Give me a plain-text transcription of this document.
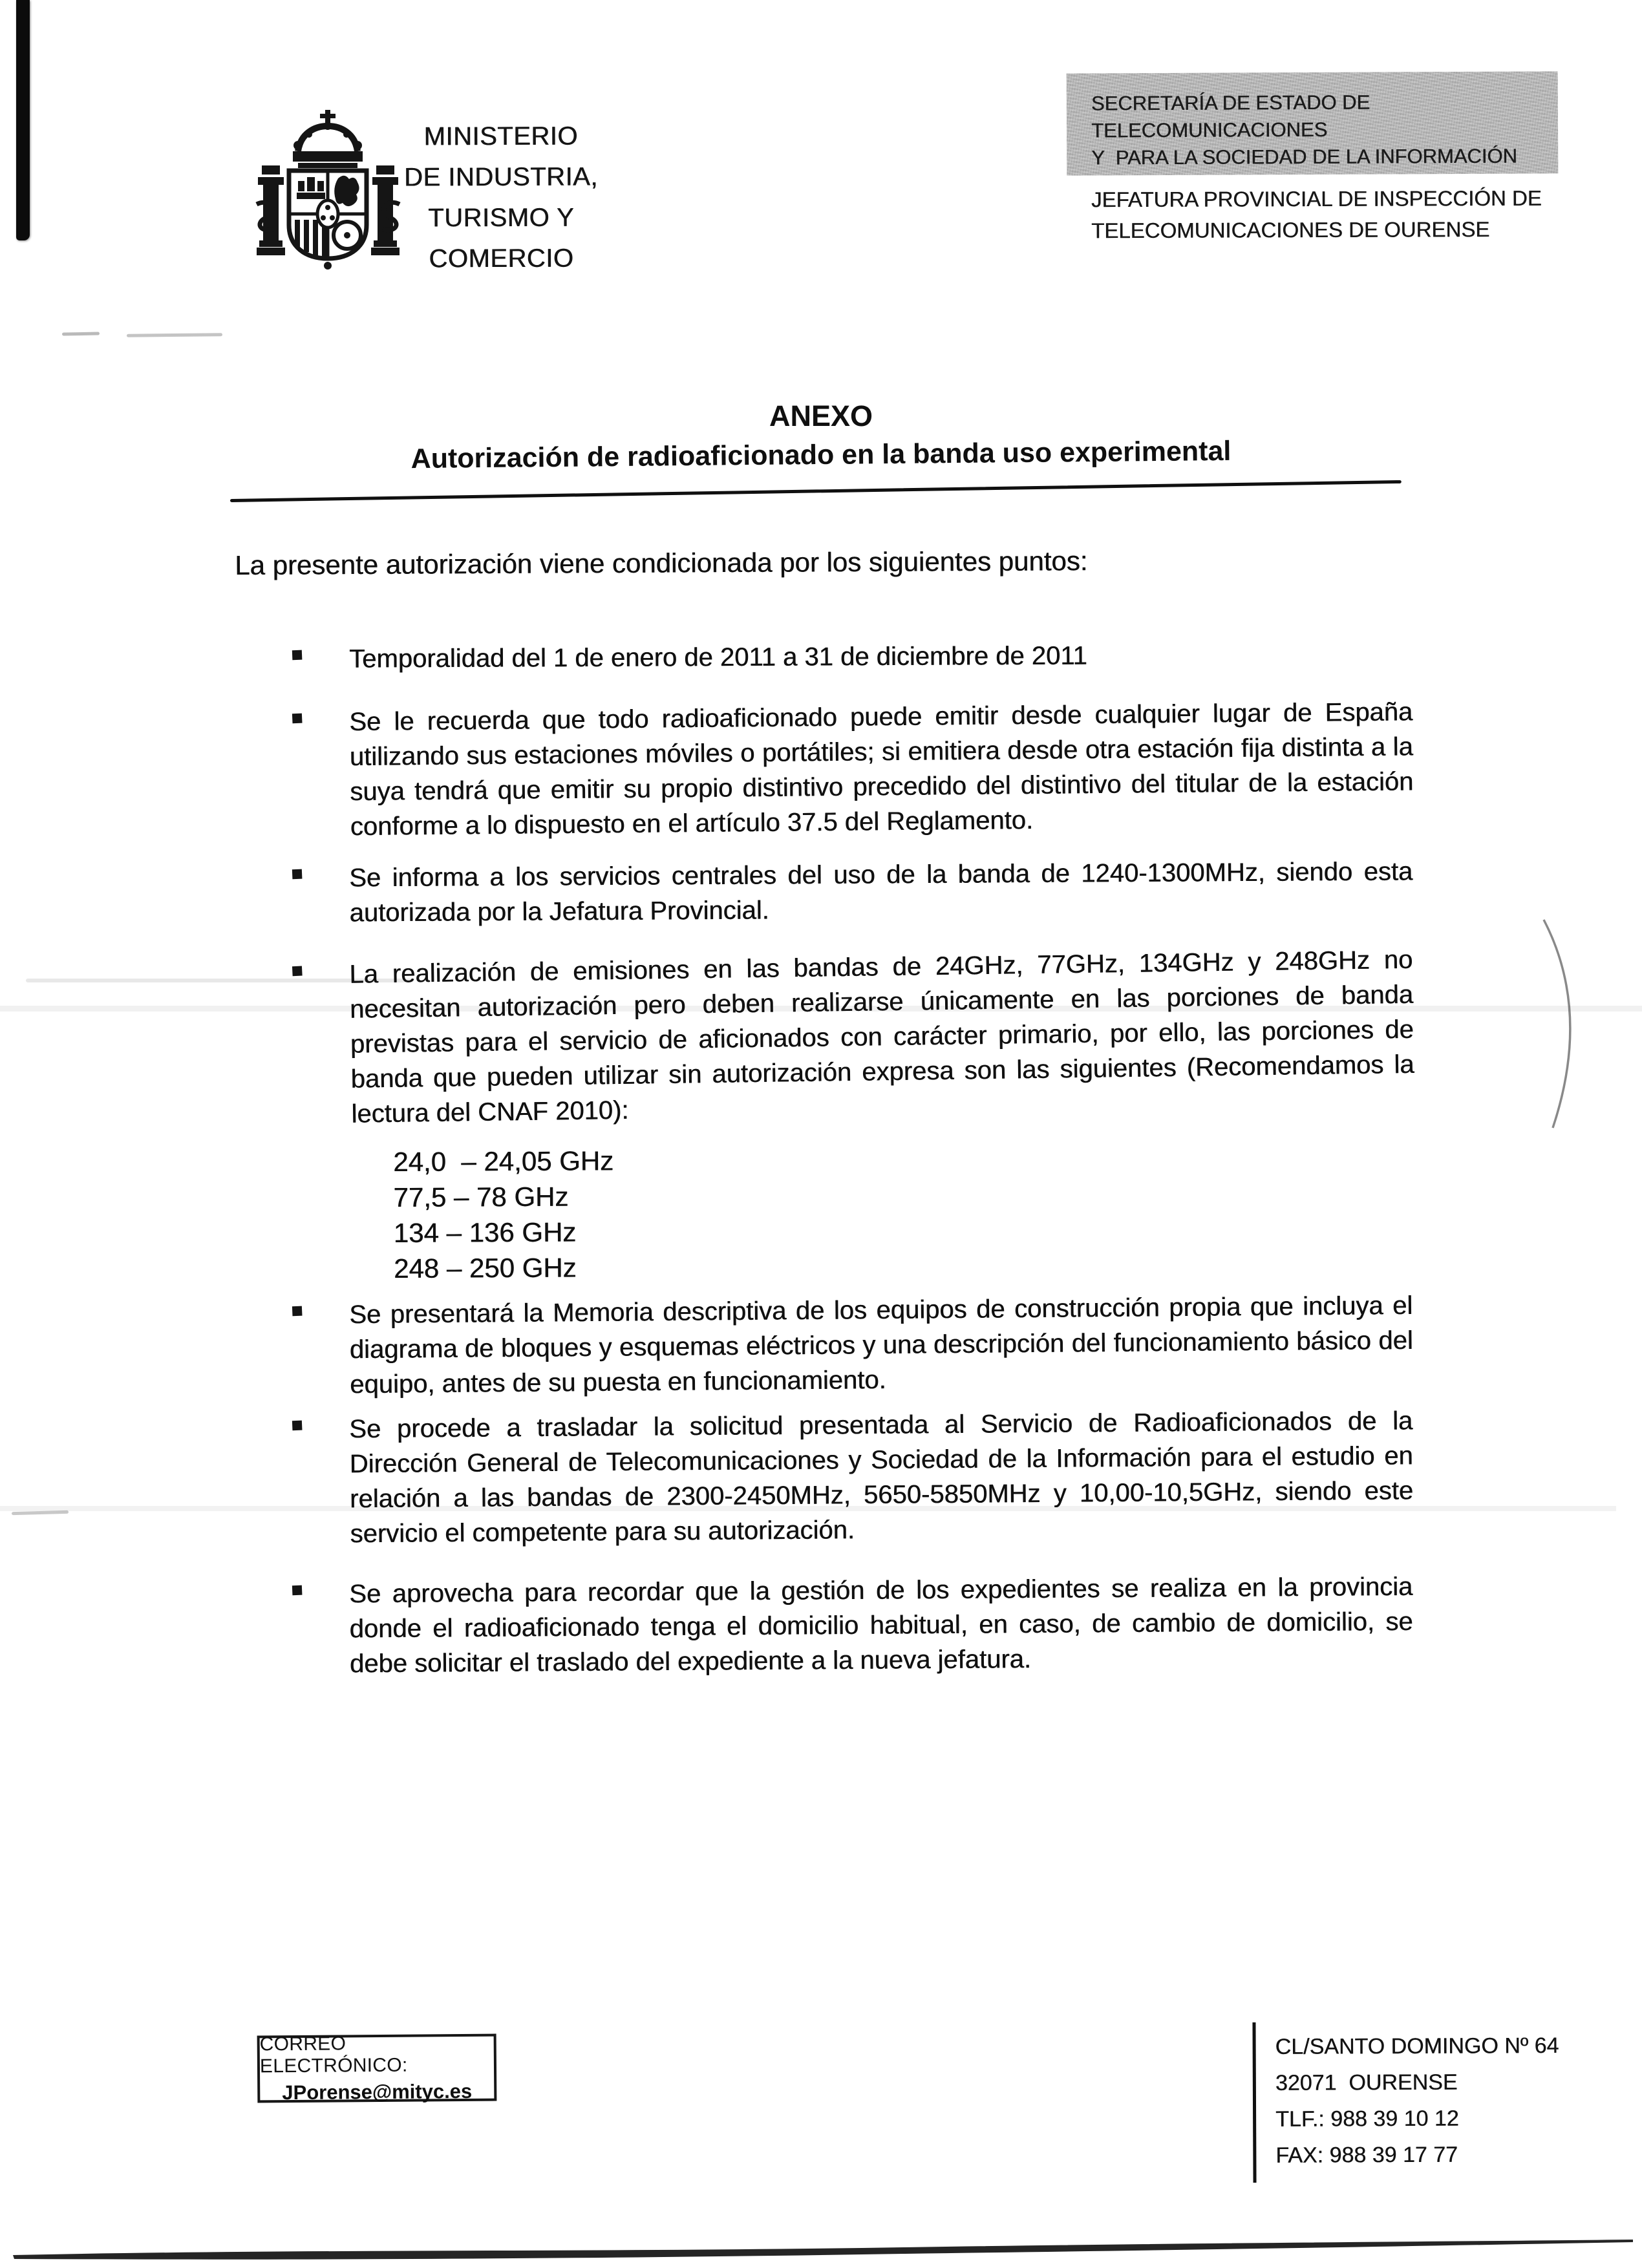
MINISTERIO
DE INDUSTRIA,
TURISMO Y
COMERCIO
SECRETARÍA DE ESTADO DE
TELECOMUNICACIONES
Y  PARA LA SOCIEDAD DE LA INFORMACIÓN
JEFATURA PROVINCIAL DE INSPECCIÓN DE
TELECOMUNICACIONES DE OURENSE
ANEXO
Autorización de radioaficionado en la banda uso experimental
La presente autorización viene condicionada por los siguientes puntos:
Temporalidad del 1 de enero de 2011 a 31 de diciembre de 2011
Se le recuerda que todo radioaficionado puede emitir desde cualquier lugar de España utilizando sus estaciones móviles o portátiles; si emitiera desde otra estación fija distinta a la suya tendrá que emitir su propio distintivo precedido del distintivo del titular de la estación conforme a lo dispuesto en el artículo 37.5 del Reglamento.
Se informa a los servicios centrales del uso de la banda de 1240-1300MHz, siendo esta autorizada por la Jefatura Provincial.
La realización de emisiones en las bandas de 24GHz, 77GHz, 134GHz y 248GHz no necesitan autorización pero deben realizarse únicamente en las porciones de banda previstas para el servicio de aficionados con carácter primario, por ello, las porciones de banda que pueden utilizar sin autorización expresa son las siguientes (Recomendamos la lectura del CNAF 2010):
24,0  – 24,05 GHz
77,5 – 78 GHz
134 – 136 GHz
248 – 250 GHz
Se presentará la Memoria descriptiva de los equipos de construcción propia que incluya el diagrama de bloques y esquemas eléctricos y una descripción del funcionamiento básico del equipo, antes de su puesta en funcionamiento.
Se procede a trasladar la solicitud presentada al Servicio de Radioaficionados de la Dirección General de Telecomunicaciones y Sociedad de la Información para el estudio en relación a las bandas de 2300-2450MHz, 5650-5850MHz y 10,00-10,5GHz, siendo este servicio el competente para su autorización.
Se aprovecha para recordar que la gestión de los expedientes se realiza en la provincia donde el radioaficionado tenga el domicilio habitual, en caso, de cambio de domicilio, se debe solicitar el traslado del expediente a la nueva jefatura.
CORREO ELECTRÓNICO:
JPorense@mityc.es
CL/SANTO DOMINGO Nº 64
32071  OURENSE
TLF.: 988 39 10 12
FAX: 988 39 17 77
